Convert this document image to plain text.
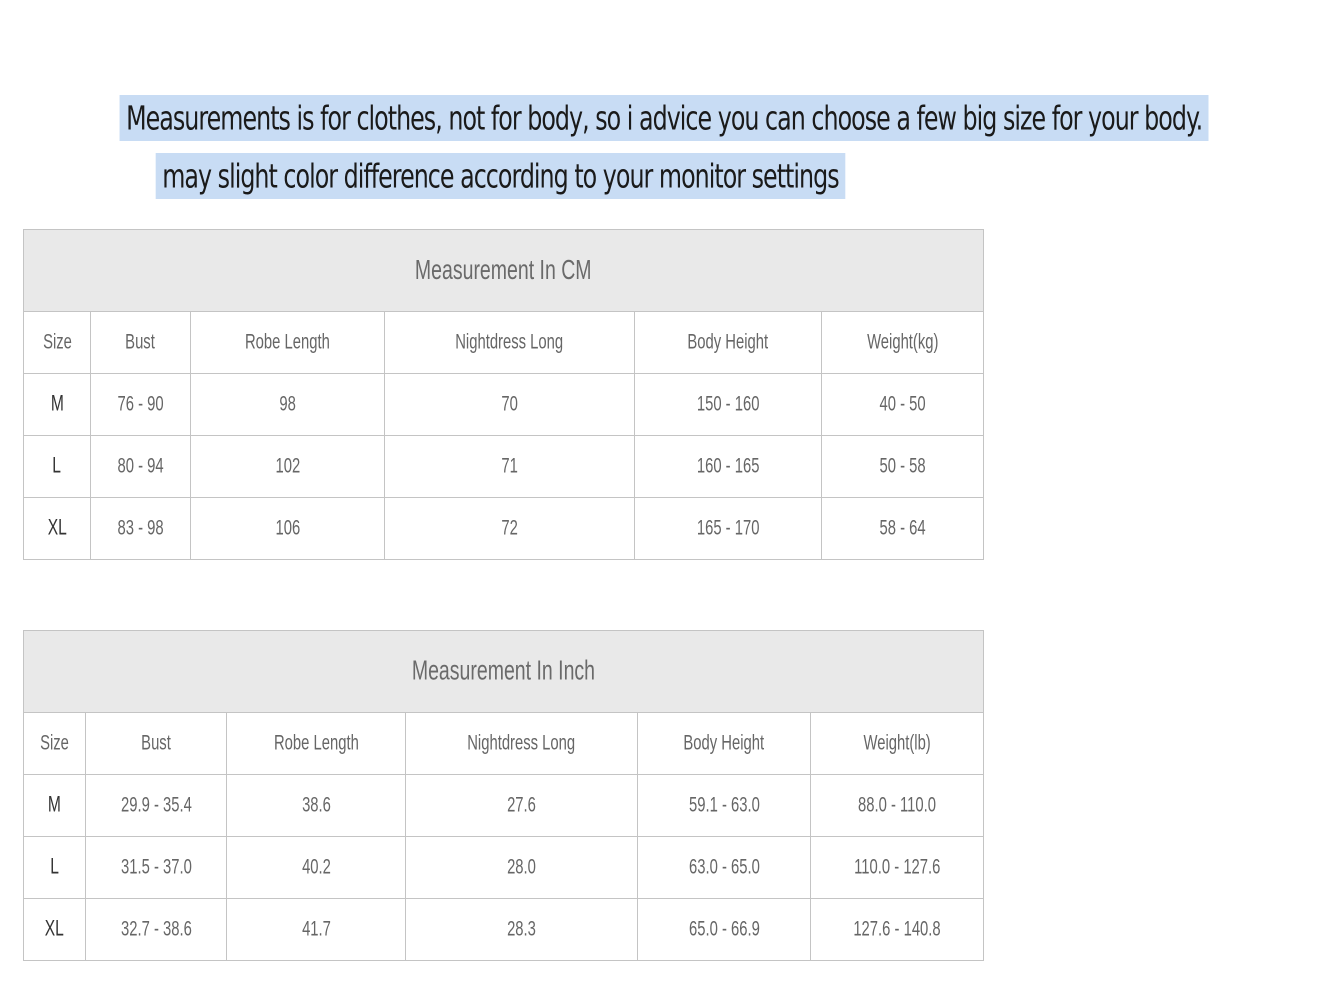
Measurements is for clothes, not for body, so i advice you can choose a few big size for your body.
may slight color difference according to your monitor settings
Measurement In CM					
Size	Bust	Robe Length	Nightdress Long	Body Height	Weight(kg)
M	76 - 90	98	70	150 - 160	40 - 50
L	80 - 94	102	71	160 - 165	50 - 58
XL	83 - 98	106	72	165 - 170	58 - 64
Measurement In Inch					
Size	Bust	Robe Length	Nightdress Long	Body Height	Weight(lb)
M	29.9 - 35.4	38.6	27.6	59.1 - 63.0	88.0 - 110.0
L	31.5 - 37.0	40.2	28.0	63.0 - 65.0	110.0 - 127.6
XL	32.7 - 38.6	41.7	28.3	65.0 - 66.9	127.6 - 140.8
